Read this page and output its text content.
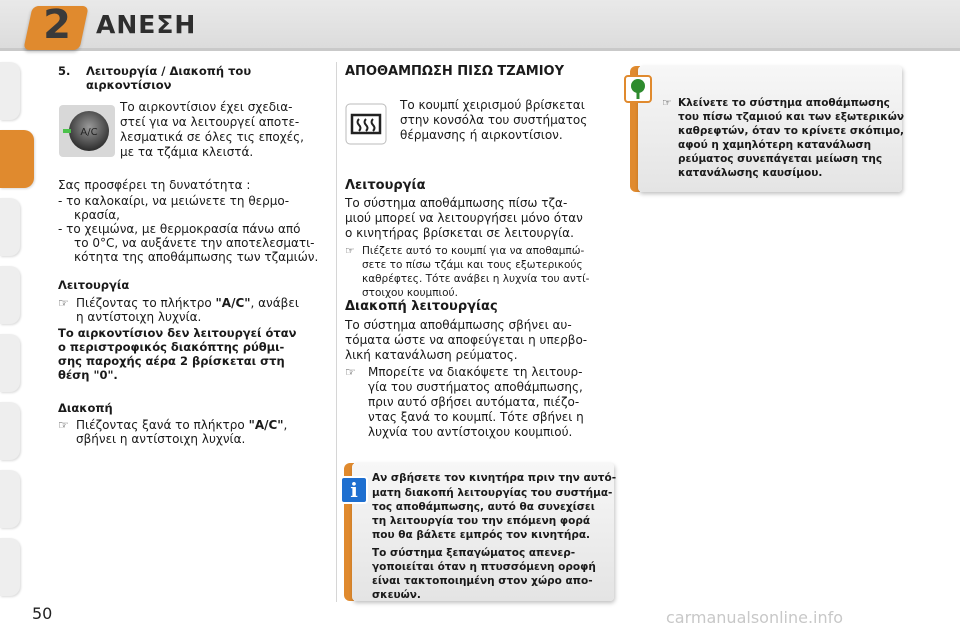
2	ΑΝΕΣΗ
5. Λειτουργία / Διακοπή του
αιρκοντίσιον
A/C
Το αιρκοντίσιον έχει σχεδια-
στεί για να λειτουργεί αποτε-
λεσματικά σε όλες τις εποχές,
με τα τζάμια κλειστά.
Σας προσφέρει τη δυνατότητα :
- το καλοκαίρι, να μειώνετε τη θερμο-
κρασία,
- το χειμώνα, με θερμοκρασία πάνω από
το 0°C, να αυξάνετε την αποτελεσματι-
κότητα της αποθάμπωσης των τζαμιών.
Λειτουργία
☞ Πιέζοντας το πλήκτρο "A/C", ανάβει
η αντίστοιχη λυχνία.
Το αιρκοντίσιον δεν λειτουργεί όταν
ο περιστροφικός διακόπτης ρύθμι-
σης παροχής αέρα 2 βρίσκεται στη
θέση "0".
Διακοπή
☞ Πιέζοντας ξανά το πλήκτρο "A/C",
σβήνει η αντίστοιχη λυχνία.
ΑΠΟΘΑΜΠΩΣΗ ΠΙΣΩ ΤΖΑΜΙΟΥ
Το κουμπί χειρισμού βρίσκεται
στην κονσόλα του συστήματος
θέρμανσης ή αιρκοντίσιον.
Λειτουργία
Το σύστημα αποθάμπωσης πίσω τζα-
μιού μπορεί να λειτουργήσει μόνο όταν
ο κινητήρας βρίσκεται σε λειτουργία.
☞ Πιέζετε αυτό το κουμπί για να αποθαμπώ-
σετε το πίσω τζάμι και τους εξωτερικούς
καθρέφτες. Τότε ανάβει η λυχνία του αντί-
στοιχου κουμπιού.
Διακοπή λειτουργίας
Το σύστημα αποθάμπωσης σβήνει αυ-
τόματα ώστε να αποφεύγεται η υπερβο-
λική κατανάλωση ρεύματος.
☞ Μπορείτε να διακόψετε τη λειτουρ-
γία του συστήματος αποθάμπωσης,
πριν αυτό σβήσει αυτόματα, πιέζο-
ντας ξανά το κουμπί. Τότε σβήνει η
λυχνία του αντίστοιχου κουμπιού.
i	Αν σβήσετε τον κινητήρα πριν την αυτό-
ματη διακοπή λειτουργίας του συστήμα-
τος αποθάμπωσης, αυτό θα συνεχίσει
τη λειτουργία του την επόμενη φορά
που θα βάλετε εμπρός τον κινητήρα.
Το σύστημα ξεπαγώματος απενερ-
γοποιείται όταν η πτυσσόμενη οροφή
είναι τακτοποιημένη στον χώρο απο-
σκευών.
☞ Κλείνετε το σύστημα αποθάμπωσης
του πίσω τζαμιού και των εξωτερικών
καθρεφτών, όταν το κρίνετε σκόπιμο,
αφού η χαμηλότερη κατανάλωση
ρεύματος συνεπάγεται μείωση της
κατανάλωσης καυσίμου.
50	carmanualsonline.info
